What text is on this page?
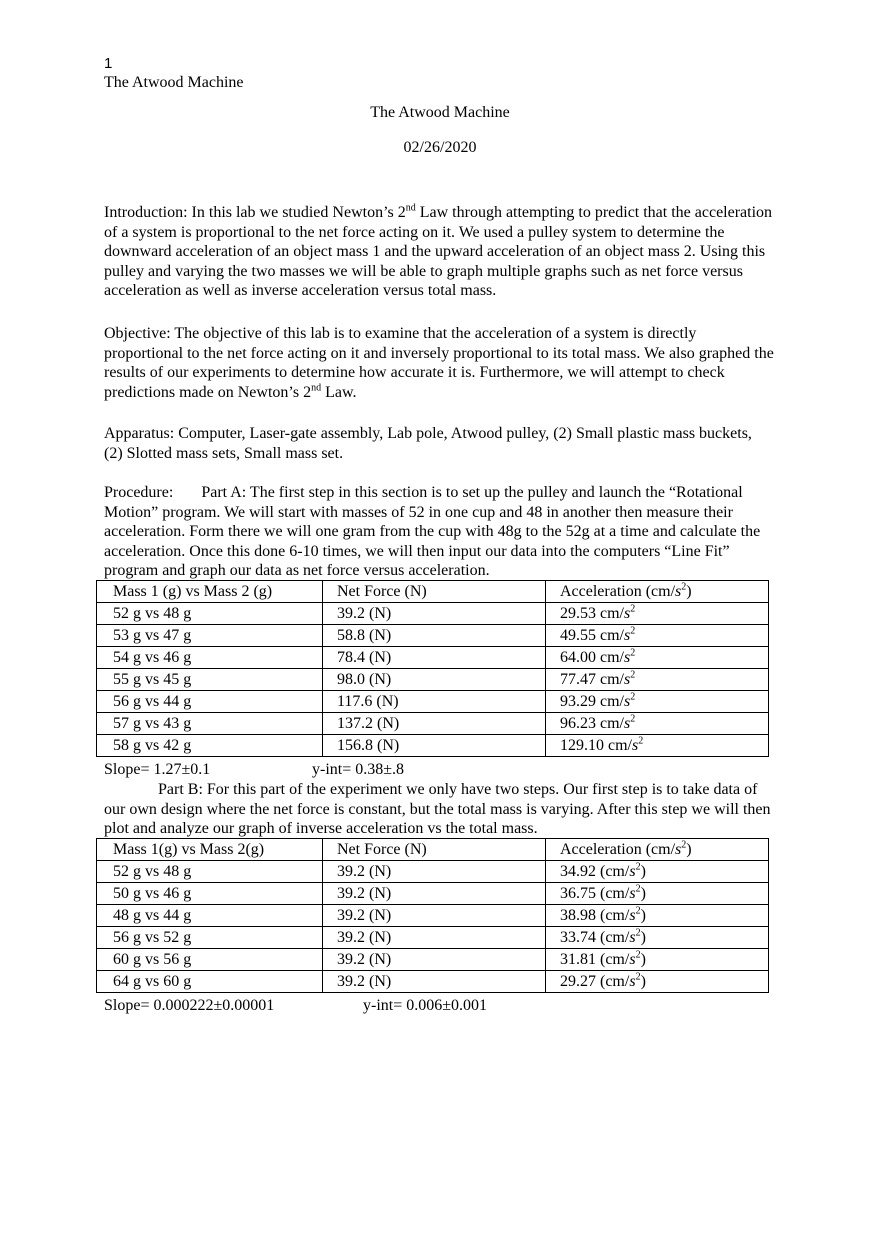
1
The Atwood Machine
The Atwood Machine
02/26/2020
Introduction: In this lab we studied Newton’s 2nd Law through attempting to predict that the acceleration of a system is proportional to the net force acting on it. We used a pulley system to determine the downward acceleration of an object mass 1 and the upward acceleration of an object mass 2. Using this pulley and varying the two masses we will be able to graph multiple graphs such as net force versus acceleration as well as inverse acceleration versus total mass.
Objective: The objective of this lab is to examine that the acceleration of a system is directly proportional to the net force acting on it and inversely proportional to its total mass. We also graphed the results of our experiments to determine how accurate it is. Furthermore, we will attempt to check predictions made on Newton’s 2nd Law.
Apparatus: Computer, Laser-gate assembly, Lab pole, Atwood pulley, (2) Small plastic mass buckets, (2) Slotted mass sets, Small mass set.
Procedure: Part A: The first step in this section is to set up the pulley and launch the “Rotational Motion” program. We will start with masses of 52 in one cup and 48 in another then measure their acceleration. Form there we will one gram from the cup with 48g to the 52g at a time and calculate the acceleration. Once this done 6-10 times, we will then input our data into the computers “Line Fit” program and graph our data as net force versus acceleration.
Mass 1 (g) vs Mass 2 (g)	Net Force (N)	Acceleration $(cm/s^2)$
52 g vs 48 g	39.2 (N)	29.53 $cm/s^2$
53 g vs 47 g	58.8 (N)	49.55 $cm/s^2$
54 g vs 46 g	78.4 (N)	64.00 $cm/s^2$
55 g vs 45 g	98.0 (N)	77.47 $cm/s^2$
56 g vs 44 g	117.6 (N)	93.29 $cm/s^2$
57 g vs 43 g	137.2 (N)	96.23 $cm/s^2$
58 g vs 42 g	156.8 (N)	129.10 $cm/s^2$
Slope= 1.27±0.1	y-int= 0.38±.8
Part B: For this part of the experiment we only have two steps. Our first step is to take data of our own design where the net force is constant, but the total mass is varying. After this step we will then plot and analyze our graph of inverse acceleration vs the total mass.
Mass 1(g) vs Mass 2(g)	Net Force (N)	Acceleration $(cm/s^2)$
52 g vs 48 g	39.2 (N)	34.92 $(cm/s^2)$
50 g vs 46 g	39.2 (N)	36.75 $(cm/s^2)$
48 g vs 44 g	39.2 (N)	38.98 $(cm/s^2)$
56 g vs 52 g	39.2 (N)	33.74 $(cm/s^2)$
60 g vs 56 g	39.2 (N)	31.81 $(cm/s^2)$
64 g vs 60 g	39.2 (N)	29.27 $(cm/s^2)$
Slope= 0.000222±0.00001	y-int= 0.006±0.001
